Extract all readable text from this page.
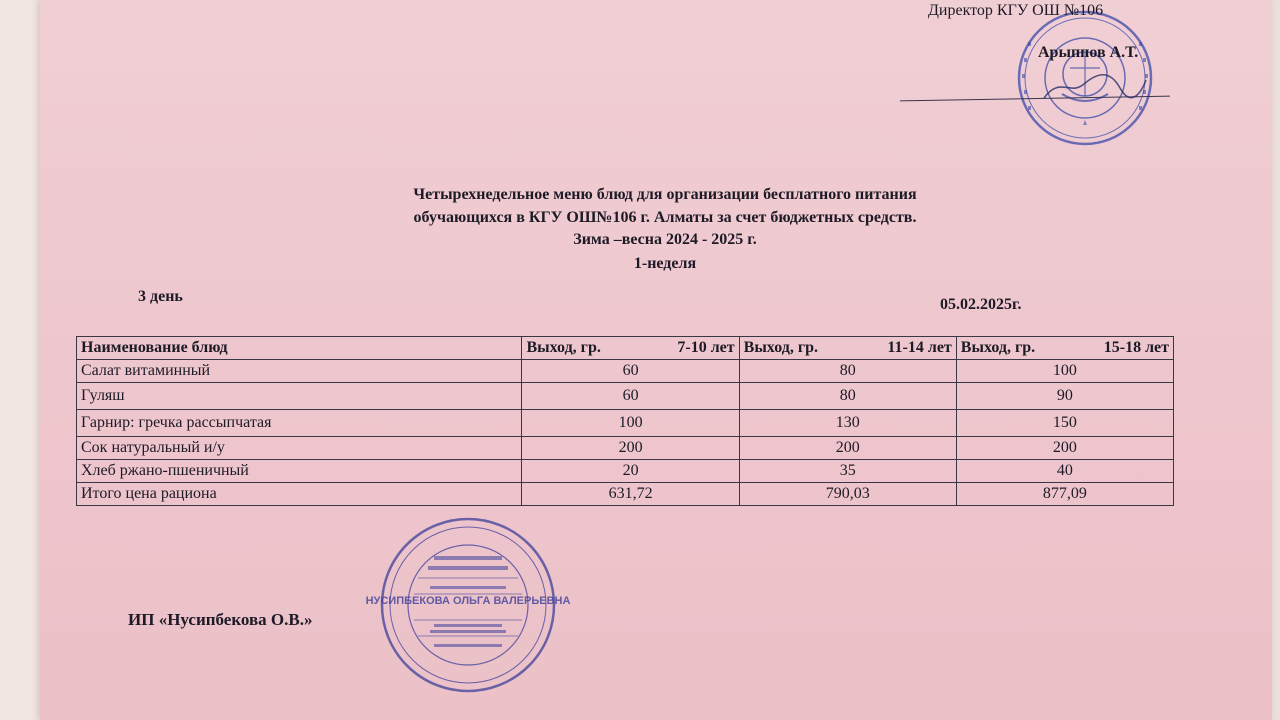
Директор КГУ ОШ №106
Арыппов А.Т.
Четырехнедельное меню блюд для организации бесплатного питания
обучающихся в КГУ ОШ№106 г. Алматы за счет бюджетных средств.
Зима –весна 2024 - 2025 г.
1-неделя
3 день	05.02.2025г.
Наименование блюд	Выход, гр. 7-10 лет	Выход, гр. 11-14 лет	Выход, гр. 15-18 лет

Салат витаминный	60	80	100
Гуляш	60	80	90
Гарнир: гречка рассыпчатая	100	130	150
Сок натуральный и/у	200	200	200
Хлеб ржано-пшеничный	20	35	40
Итого цена рациона	631,72	790,03	877,09
ИП «Нусипбекова О.В.»
НУСИПБЕКОВА ОЛЬГА ВАЛЕРЬЕВНА
